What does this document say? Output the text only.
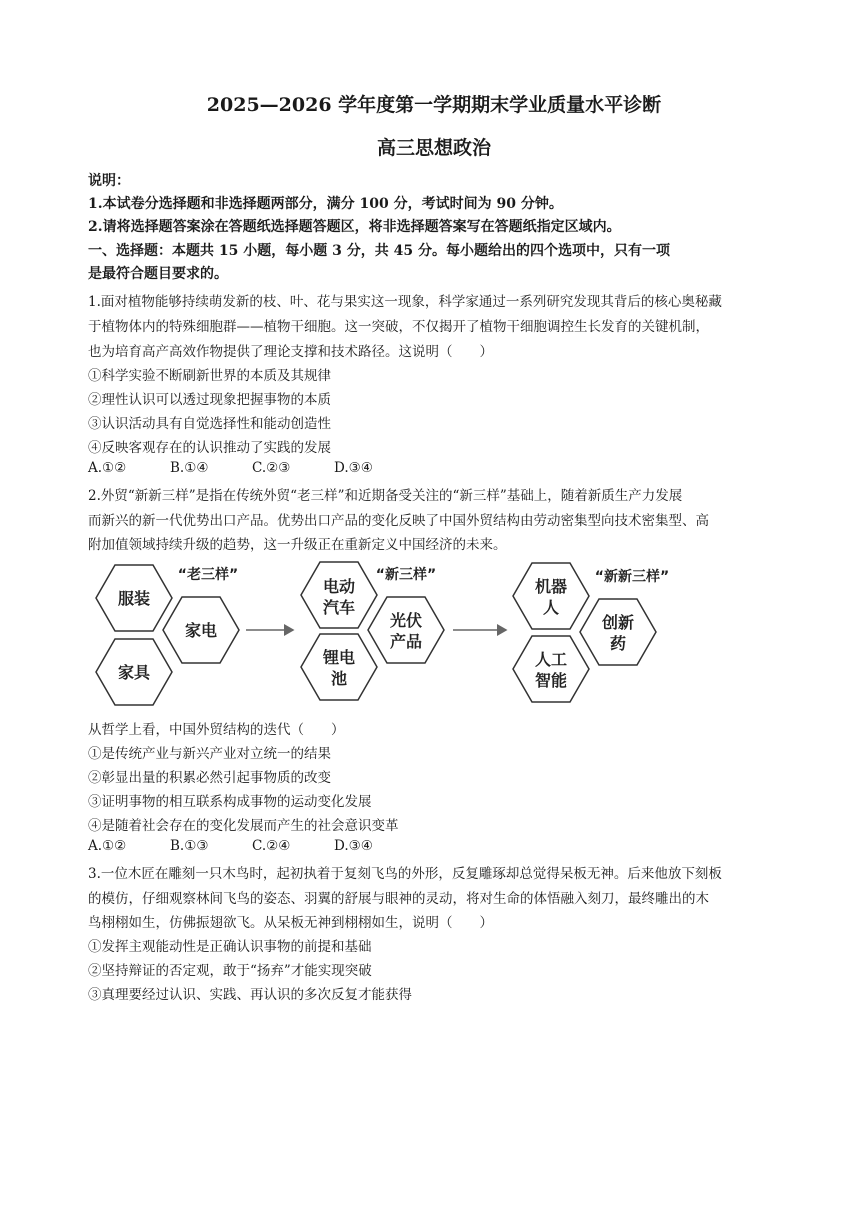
2025—2026 学年度第一学期期末学业质量水平诊断
高三思想政治
说明：
1.本试卷分选择题和非选择题两部分，满分 100 分，考试时间为 90 分钟。
2.请将选择题答案涂在答题纸选择题答题区，将非选择题答案写在答题纸指定区域内。
一、选择题：本题共 15 小题，每小题 3 分，共 45 分。每小题给出的四个选项中，只有一项
是最符合题目要求的。
1.面对植物能够持续萌发新的枝、叶、花与果实这一现象，科学家通过一系列研究发现其背后的核心奥秘藏
于植物体内的特殊细胞群——植物干细胞。这一突破，不仅揭开了植物干细胞调控生长发育的关键机制，
也为培育高产高效作物提供了理论支撑和技术路径。这说明（　　）
①科学实验不断刷新世界的本质及其规律
②理性认识可以透过现象把握事物的本质
③认识活动具有自觉选择性和能动创造性
④反映客观存在的认识推动了实践的发展
A.①②	B.①④	C.②③	D.③④
2.外贸“新新三样”是指在传统外贸“老三样”和近期备受关注的“新三样”基础上，随着新质生产力发展
而新兴的新一代优势出口产品。优势出口产品的变化反映了中国外贸结构由劳动密集型向技术密集型、高
附加值领域持续升级的趋势，这一升级正在重新定义中国经济的未来。
“老三样”	“新三样”	“新新三样”
服装
家电
家具
电动
汽车
光伏
产品
锂电
池
机器
人
创新
药
人工
智能
从哲学上看，中国外贸结构的迭代（　　）
①是传统产业与新兴产业对立统一的结果
②彰显出量的积累必然引起事物质的改变
③证明事物的相互联系构成事物的运动变化发展
④是随着社会存在的变化发展而产生的社会意识变革
A.①②	B.①③	C.②④	D.③④
3.一位木匠在雕刻一只木鸟时，起初执着于复刻飞鸟的外形，反复雕琢却总觉得呆板无神。后来他放下刻板
的模仿，仔细观察林间飞鸟的姿态、羽翼的舒展与眼神的灵动，将对生命的体悟融入刻刀，最终雕出的木
鸟栩栩如生，仿佛振翅欲飞。从呆板无神到栩栩如生，说明（　　）
①发挥主观能动性是正确认识事物的前提和基础
②坚持辩证的否定观，敢于“扬弃”才能实现突破
③真理要经过认识、实践、再认识的多次反复才能获得
